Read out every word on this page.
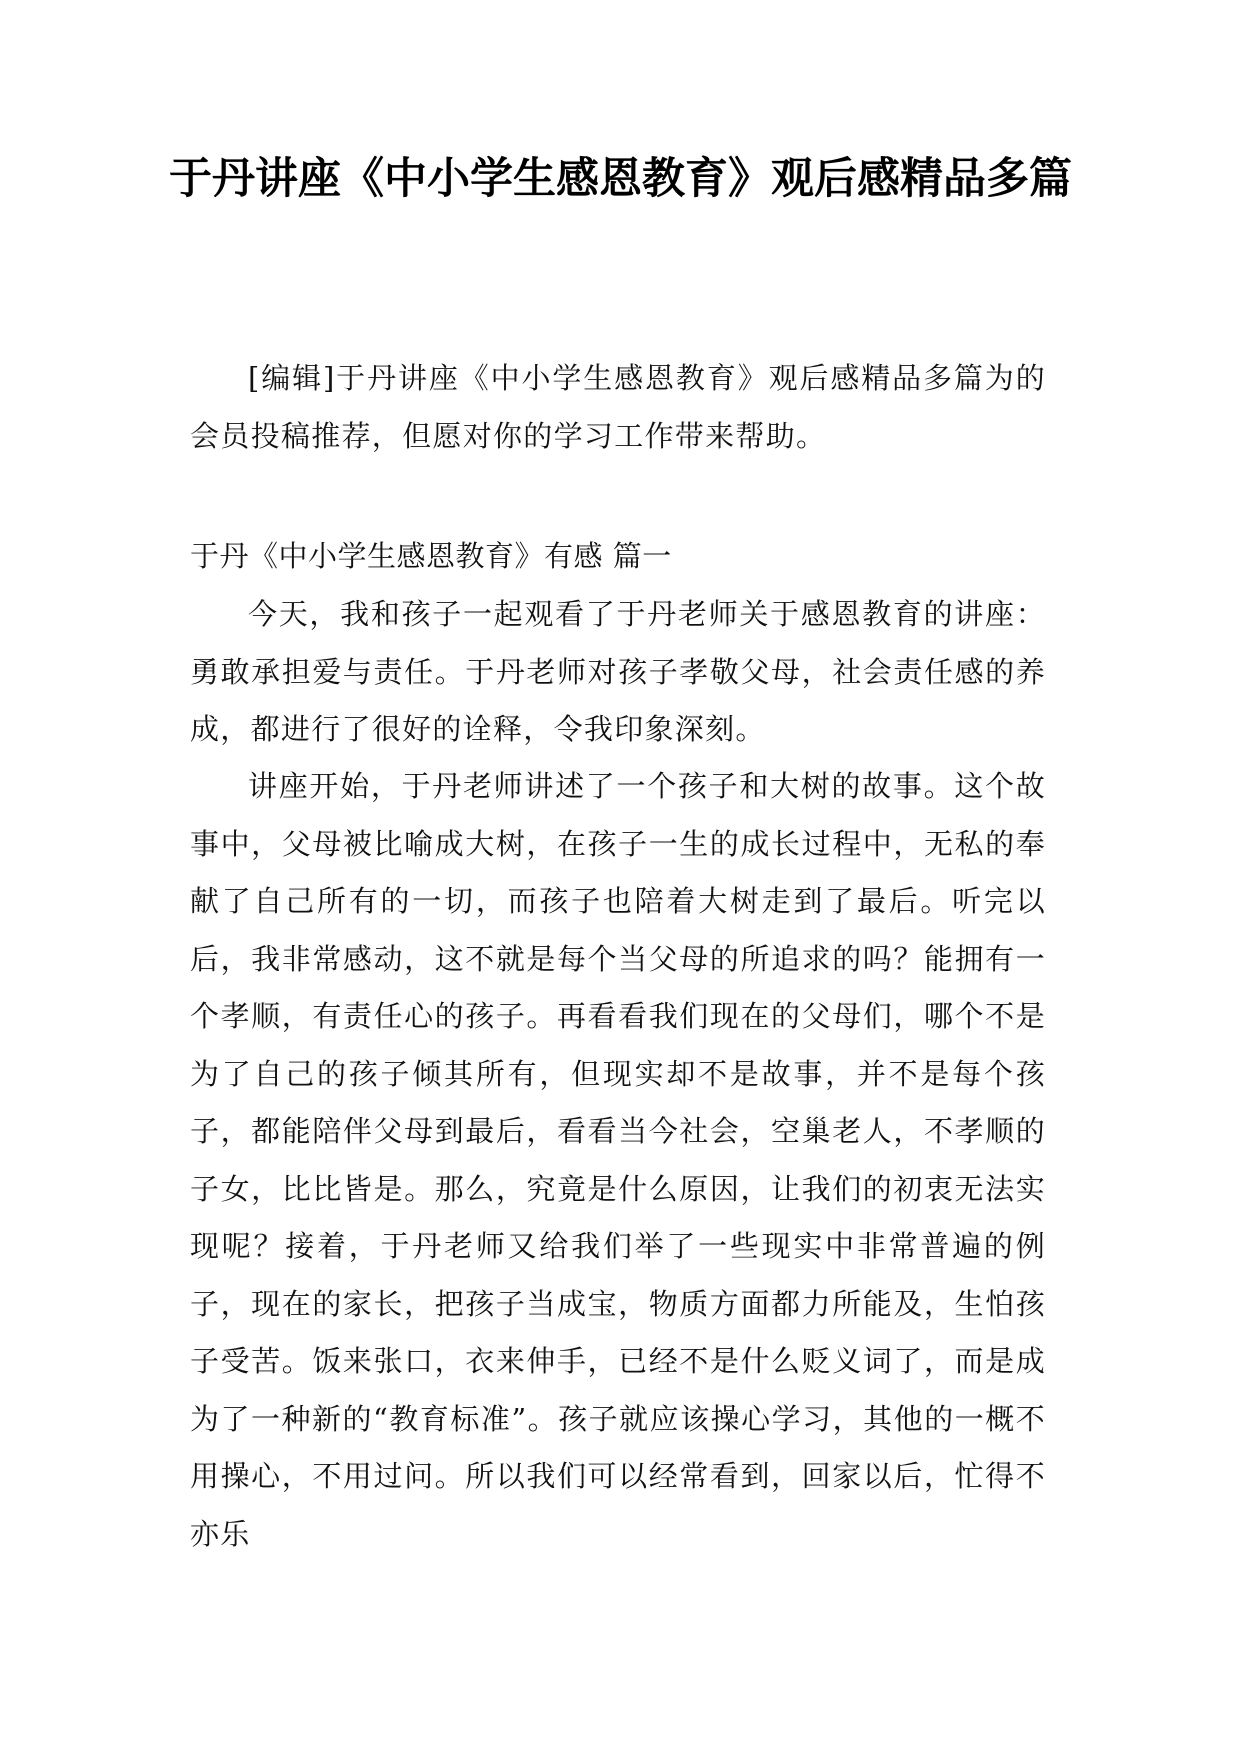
于丹讲座《中小学生感恩教育》观后感精品多篇

[编辑]于丹讲座《中小学生感恩教育》观后感精品多篇为的会员投稿推荐，但愿对你的学习工作带来帮助。

于丹《中小学生感恩教育》有感 篇一

今天，我和孩子一起观看了于丹老师关于感恩教育的讲座：勇敢承担爱与责任。于丹老师对孩子孝敬父母，社会责任感的养成，都进行了很好的诠释，令我印象深刻。

讲座开始，于丹老师讲述了一个孩子和大树的故事。这个故事中，父母被比喻成大树，在孩子一生的成长过程中，无私的奉献了自己所有的一切，而孩子也陪着大树走到了最后。听完以后，我非常感动，这不就是每个当父母的所追求的吗？能拥有一个孝顺，有责任心的孩子。再看看我们现在的父母们，哪个不是为了自己的孩子倾其所有，但现实却不是故事，并不是每个孩子，都能陪伴父母到最后，看看当今社会，空巢老人，不孝顺的子女，比比皆是。那么，究竟是什么原因，让我们的初衷无法实现呢？接着，于丹老师又给我们举了一些现实中非常普遍的例子，现在的家长，把孩子当成宝，物质方面都力所能及，生怕孩子受苦。饭来张口，衣来伸手，已经不是什么贬义词了，而是成为了一种新的“教育标准”。孩子就应该操心学习，其他的一概不用操心，不用过问。所以我们可以经常看到，回家以后，忙得不亦乐
